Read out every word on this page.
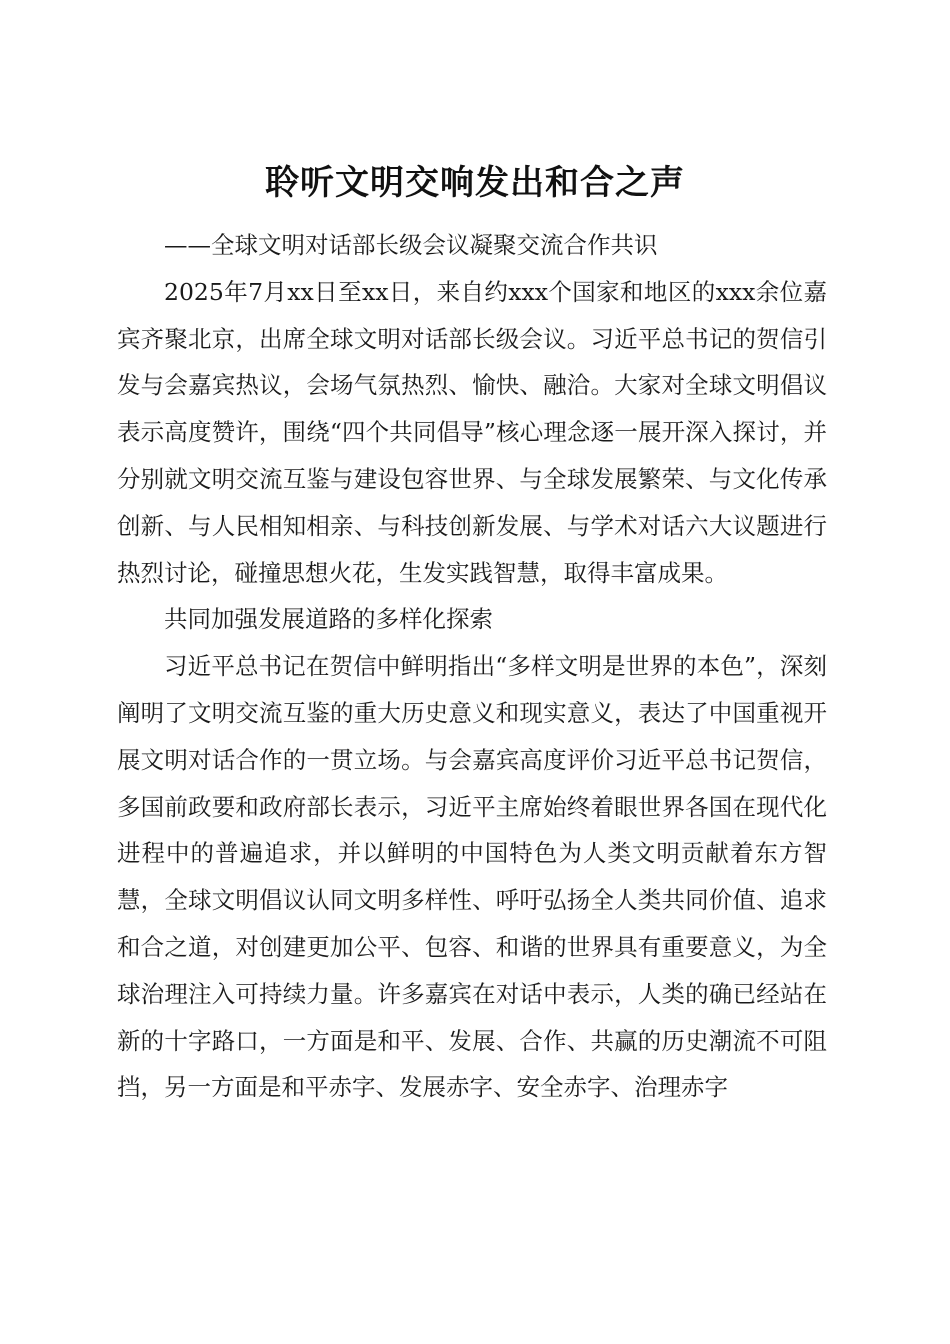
聆听文明交响发出和合之声

——全球文明对话部长级会议凝聚交流合作共识

2025年7月xx日至xx日，来自约xxx个国家和地区的xxx余位嘉宾齐聚北京，出席全球文明对话部长级会议。习近平总书记的贺信引发与会嘉宾热议，会场气氛热烈、愉快、融洽。大家对全球文明倡议表示高度赞许，围绕“四个共同倡导”核心理念逐一展开深入探讨，并分别就文明交流互鉴与建设包容世界、与全球发展繁荣、与文化传承创新、与人民相知相亲、与科技创新发展、与学术对话六大议题进行热烈讨论，碰撞思想火花，生发实践智慧，取得丰富成果。

共同加强发展道路的多样化探索

习近平总书记在贺信中鲜明指出“多样文明是世界的本色”，深刻阐明了文明交流互鉴的重大历史意义和现实意义，表达了中国重视开展文明对话合作的一贯立场。与会嘉宾高度评价习近平总书记贺信，多国前政要和政府部长表示，习近平主席始终着眼世界各国在现代化进程中的普遍追求，并以鲜明的中国特色为人类文明贡献着东方智慧，全球文明倡议认同文明多样性、呼吁弘扬全人类共同价值、追求和合之道，对创建更加公平、包容、和谐的世界具有重要意义，为全球治理注入可持续力量。许多嘉宾在对话中表示，人类的确已经站在新的十字路口，一方面是和平、发展、合作、共赢的历史潮流不可阻挡，另一方面是和平赤字、发展赤字、安全赤字、治理赤字
